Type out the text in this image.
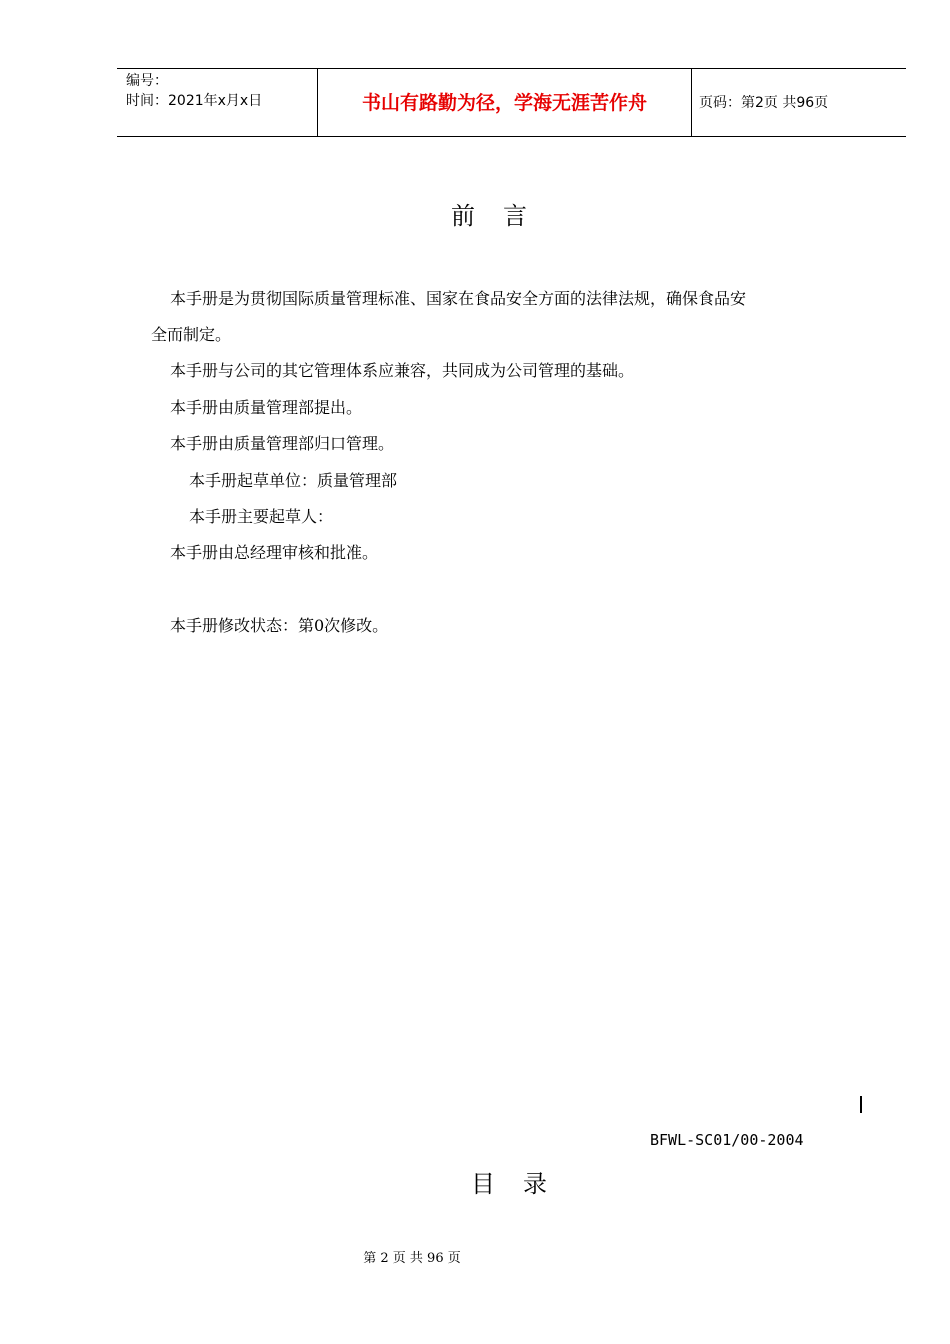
编号：
时间：2021年x月x日	书山有路勤为径，学海无涯苦作舟	页码：第2页 共96页
前言
本手册是为贯彻国际质量管理标准、国家在食品安全方面的法律法规，确保食品安
全而制定。
本手册与公司的其它管理体系应兼容，共同成为公司管理的基础。
本手册由质量管理部提出。
本手册由质量管理部归口管理。
本手册起草单位：质量管理部
本手册主要起草人：
本手册由总经理审核和批准。
本手册修改状态：第0次修改。
BFWL-SC01/00-2004
目录
第 2 页 共 96 页
